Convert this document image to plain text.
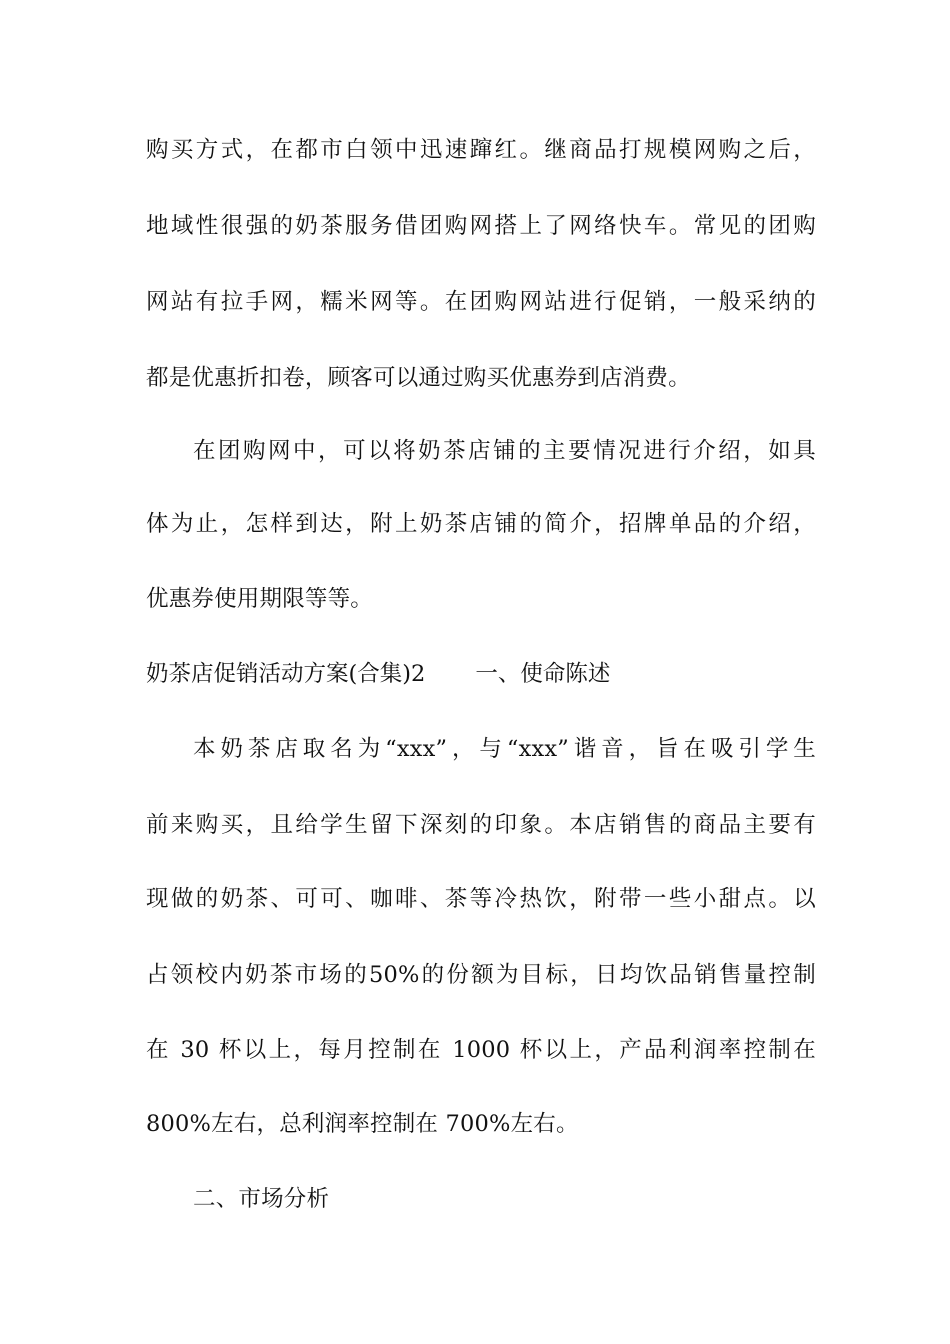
购买方式，在都市白领中迅速蹿红。继商品打规模网购之后，
地域性很强的奶茶服务借团购网搭上了网络快车。常见的团购
网站有拉手网，糯米网等。在团购网站进行促销，一般采纳的
都是优惠折扣卷，顾客可以通过购买优惠券到店消费。
在团购网中，可以将奶茶店铺的主要情况进行介绍，如具
体为止，怎样到达，附上奶茶店铺的简介，招牌单品的介绍，
优惠券使用期限等等。
奶茶店促销活动方案(合集)2 一、使命陈述
本奶茶店取名为“xxx”，与“xxx”谐音，旨在吸引学生
前来购买，且给学生留下深刻的印象。本店销售的商品主要有
现做的奶茶、可可、咖啡、茶等冷热饮，附带一些小甜点。以
占领校内奶茶市场的50%的份额为目标，日均饮品销售量控制
在 30 杯以上，每月控制在 1000 杯以上，产品利润率控制在
800%左右，总利润率控制在 700%左右。
二、市场分析
